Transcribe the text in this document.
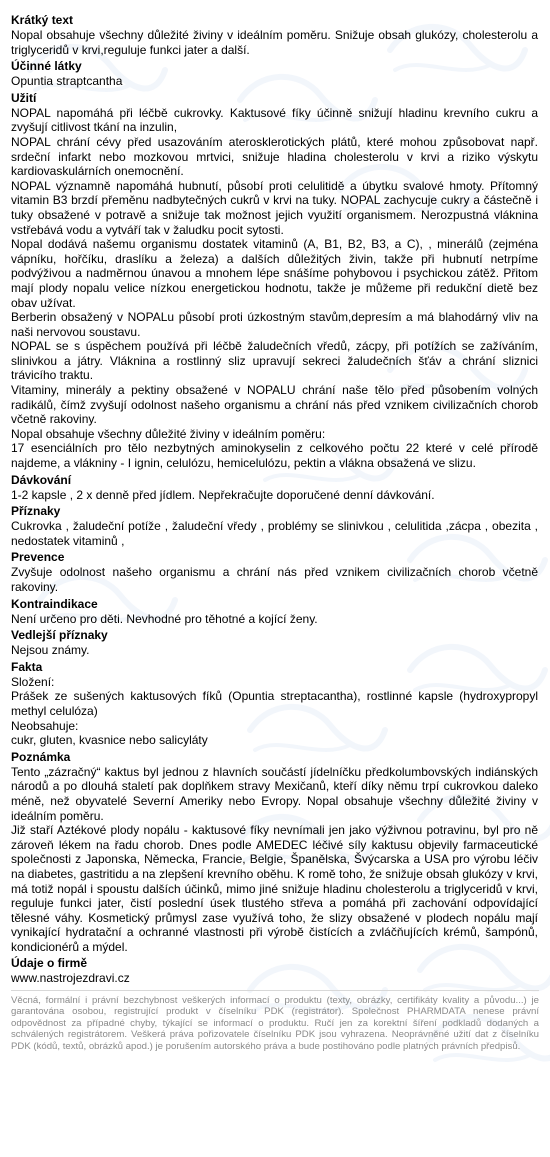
Krátký text

Nopal obsahuje všechny důležité živiny v ideálním poměru. Snižuje obsah glukózy, cholesterolu a triglyceridů v krvi,reguluje funkci jater a další.

Účinné látky

Opuntia straptcantha

Užití

NOPAL napomáhá při léčbě cukrovky. Kaktusové fíky účinně snižují hladinu krevního cukru a zvyšují citlivost tkání na inzulin,

NOPAL chrání cévy před usazováním aterosklerotických plátů, které mohou způsobovat např. srdeční infarkt nebo mozkovou mrtvici, snižuje hladina cholesterolu v krvi a riziko výskytu kardiovaskulárních onemocnění.

NOPAL významně napomáhá hubnutí, působí proti celulitidě a úbytku svalové hmoty. Přítomný vitamin B3 brzdí přeměnu nadbytečných cukrů v krvi na tuky. NOPAL zachycuje cukry a částečně i tuky obsažené v potravě a snižuje tak možnost jejich využití organismem. Nerozpustná vláknina vstřebává vodu a vytváří tak v žaludku pocit sytosti.

Nopal dodává našemu organismu dostatek vitaminů (A, B1, B2, B3, a C), , minerálů (zejména vápníku, hořčíku, draslíku a železa) a dalších důležitých živin, takže při hubnutí netrpíme podvýživou a nadměrnou únavou a mnohem lépe snášíme pohybovou i psychickou zátěž. Přitom mají plody nopalu velice nízkou energetickou hodnotu, takže je můžeme při redukční dietě bez obav užívat.

Berberin obsažený v NOPALu působí proti úzkostným stavům,depresím a má blahodárný vliv na naši nervovou soustavu.

NOPAL se s úspěchem používá při léčbě žaludečních vředů, zácpy, při potížích se zažíváním, slinivkou a játry. Vláknina a rostlinný sliz upravují sekreci žaludečních šťáv a chrání sliznici trávicího traktu.

Vitaminy, minerály a pektiny obsažené v NOPALU chrání naše tělo před působením volných radikálů, čímž zvyšují odolnost našeho organismu a chrání nás před vznikem civilizačních chorob včetně rakoviny.

Nopal obsahuje všechny důležité živiny v ideálním poměru:

17 esenciálních pro tělo nezbytných aminokyselin z celkového počtu 22 které v celé přírodě najdeme, a vlákniny - I ignin, celulózu, hemicelulózu, pektin a vlákna obsažená ve slizu.

Dávkování

1-2 kapsle , 2 x denně před jídlem. Nepřekračujte doporučené denní dávkování.

Příznaky

Cukrovka , žaludeční potíže , žaludeční vředy , problémy se slinivkou , celulitida ,zácpa , obezita , nedostatek vitaminů ,

Prevence

Zvyšuje odolnost našeho organismu a chrání nás před vznikem civilizačních chorob včetně rakoviny.

Kontraindikace

Není určeno pro děti. Nevhodné pro těhotné a kojící ženy.

Vedlejší příznaky

Nejsou známy.

Fakta

Složení:

Prášek ze sušených kaktusových fíků (Opuntia streptacantha), rostlinné kapsle (hydroxypropyl methyl celulóza)

Neobsahuje:

cukr, gluten, kvasnice nebo salicyláty

Poznámka

Tento „zázračný“ kaktus byl jednou z hlavních součástí jídelníčku předkolumbovských indiánských národů a po dlouhá staletí pak doplňkem stravy Mexičanů, kteří díky němu trpí cukrovkou daleko méně, než obyvatelé Severní Ameriky nebo Evropy. Nopal obsahuje všechny důležité živiny v ideálním poměru.

Již staří Aztékové plody nopálu - kaktusové fíky nevnímali jen jako výživnou potravinu, byl pro ně zároveň lékem na řadu chorob. Dnes podle AMEDEC léčivé síly kaktusu objevily farmaceutické společnosti z Japonska, Německa, Francie, Belgie, Španělska, Švýcarska a USA pro výrobu léčiv na diabetes, gastritidu a na zlepšení krevního oběhu. K romě toho, že snižuje obsah glukózy v krvi, má totiž nopál i spoustu dalších účinků, mimo jiné snižuje hladinu cholesterolu a triglyceridů v krvi, reguluje funkci jater, čistí poslední úsek tlustého střeva a pomáhá při zachování odpovídající tělesné váhy. Kosmetický průmysl zase využívá toho, že slizy obsažené v plodech nopálu mají vynikající hydratační a ochranné vlastnosti při výrobě čistících a zvláčňujících krémů, šampónů, kondicionérů a mýdel.

Údaje o firmě

www.nastrojezdravi.cz

Věcná, formální i právní bezchybnost veškerých informací o produktu (texty, obrázky, certifikáty kvality a původu...) je garantována osobou, registrující produkt v číselníku PDK (registrátor). Společnost PHARMDATA nenese právní odpovědnost za případné chyby, týkající se informací o produktu. Ručí jen za korektní šíření podkladů dodaných a schválených registrátorem. Veškerá práva pořizovatele číselníku PDK jsou vyhrazena. Neoprávněné užití dat z číselníku PDK (kódů, textů, obrázků apod.) je porušením autorského práva a bude postihováno podle platných právních předpisů.
